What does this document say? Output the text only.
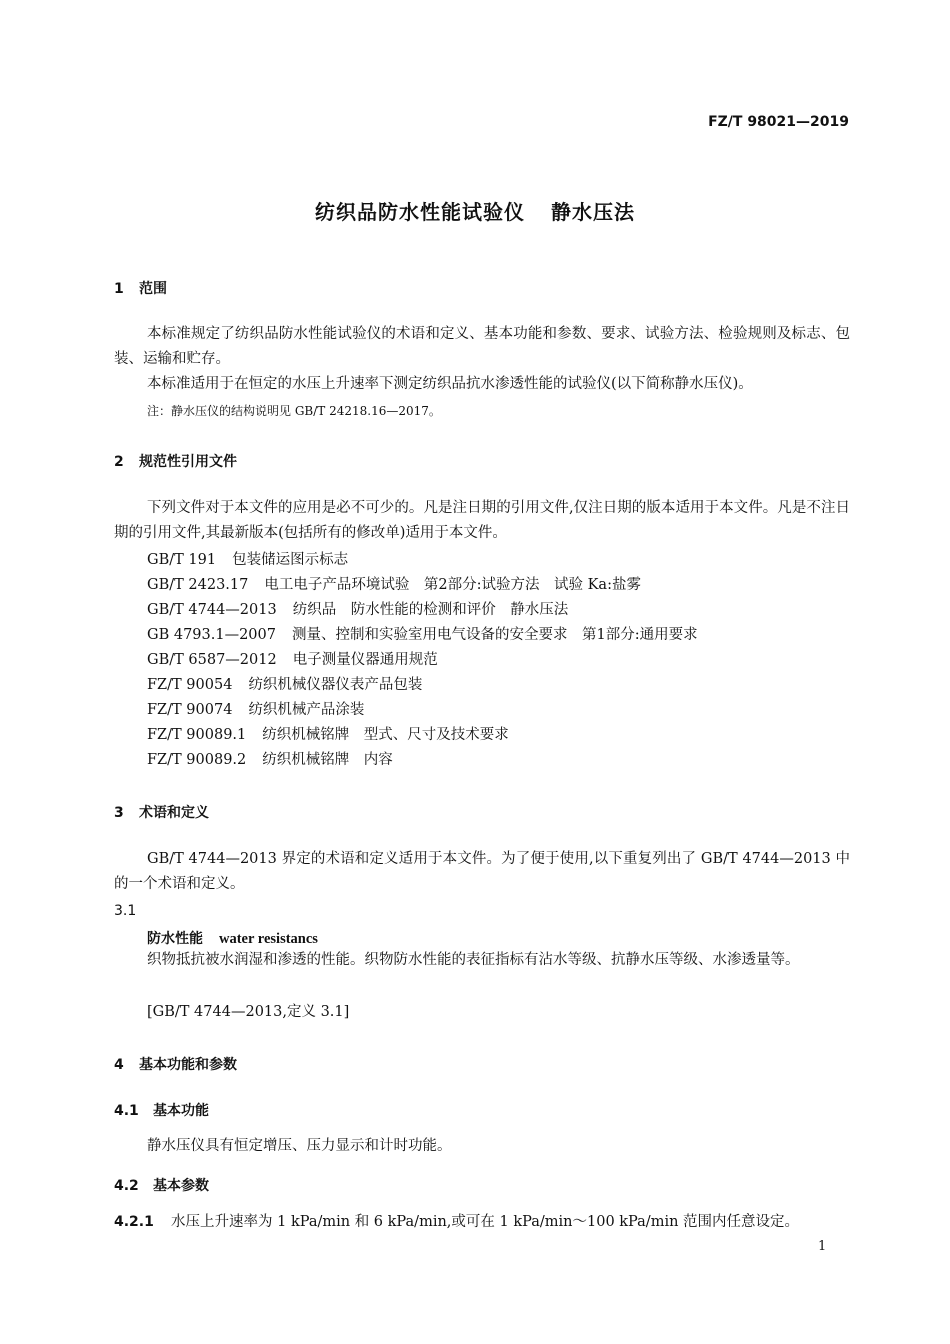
FZ/T 98021—2019
纺织品防水性能试验仪 静水压法
1 范围
本标准规定了纺织品防水性能试验仪的术语和定义、基本功能和参数、要求、试验方法、检验规则及标志、包装、运输和贮存。
本标准适用于在恒定的水压上升速率下测定纺织品抗水渗透性能的试验仪(以下简称静水压仪)。
注：静水压仪的结构说明见 GB/T 24218.16—2017。
2 规范性引用文件
下列文件对于本文件的应用是必不可少的。凡是注日期的引用文件,仅注日期的版本适用于本文件。凡是不注日期的引用文件,其最新版本(包括所有的修改单)适用于本文件。
GB/T 191 包装储运图示标志
GB/T 2423.17 电工电子产品环境试验　第2部分:试验方法　试验 Ka:盐雾
GB/T 4744—2013 纺织品　防水性能的检测和评价　静水压法
GB 4793.1—2007 测量、控制和实验室用电气设备的安全要求　第1部分:通用要求
GB/T 6587—2012 电子测量仪器通用规范
FZ/T 90054 纺织机械仪器仪表产品包装
FZ/T 90074 纺织机械产品涂装
FZ/T 90089.1 纺织机械铭牌　型式、尺寸及技术要求
FZ/T 90089.2 纺织机械铭牌　内容
3 术语和定义
GB/T 4744—2013 界定的术语和定义适用于本文件。为了便于使用,以下重复列出了 GB/T 4744—2013 中的一个术语和定义。
3.1
防水性能 water resistancs
织物抵抗被水润湿和渗透的性能。织物防水性能的表征指标有沾水等级、抗静水压等级、水渗透量等。
[GB/T 4744—2013,定义 3.1]
4 基本功能和参数
4.1 基本功能
静水压仪具有恒定增压、压力显示和计时功能。
4.2 基本参数
4.2.1 水压上升速率为 1 kPa/min 和 6 kPa/min,或可在 1 kPa/min～100 kPa/min 范围内任意设定。
1
